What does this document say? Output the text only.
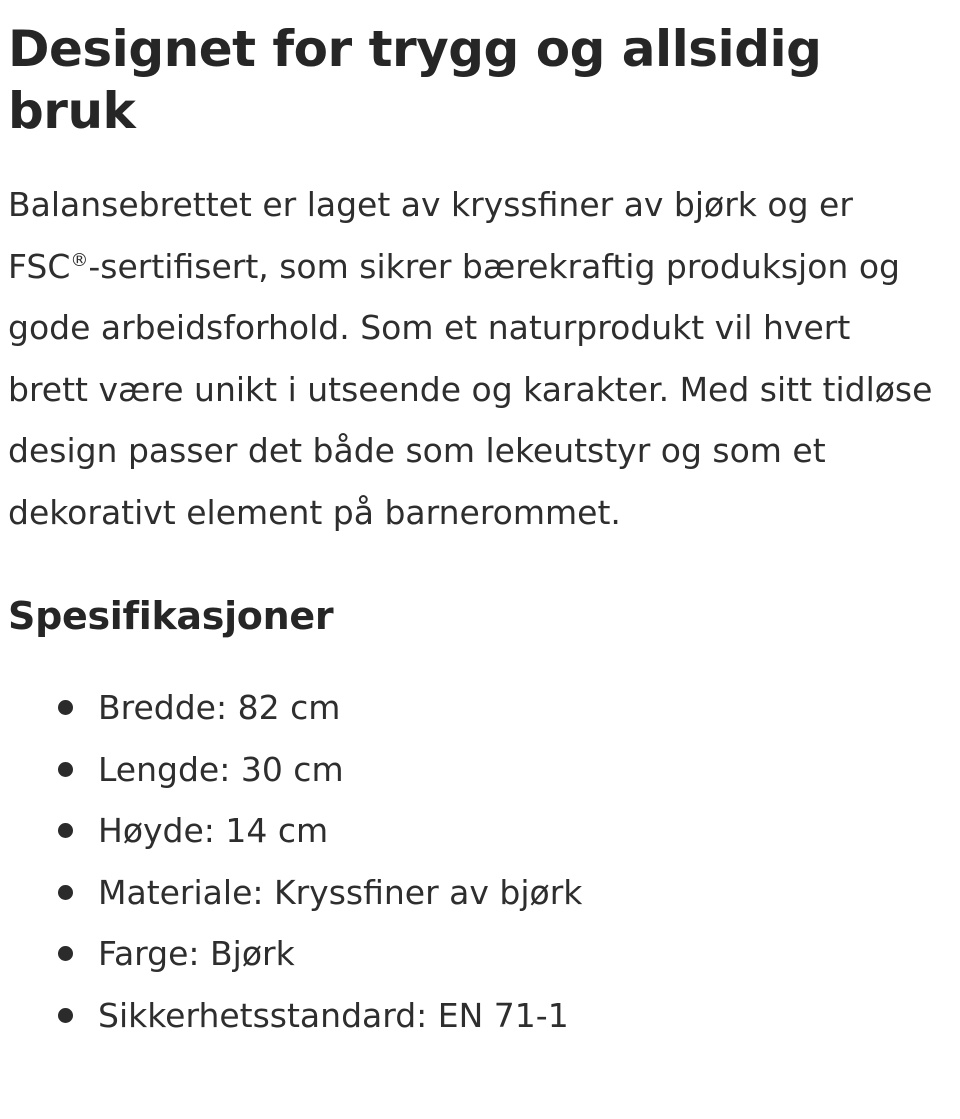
Designet for trygg og allsidig bruk

Balansebrettet er laget av kryssfiner av bjørk og er FSC®-sertifisert, som sikrer bærekraftig produksjon og gode arbeidsforhold. Som et naturprodukt vil hvert brett være unikt i utseende og karakter. Med sitt tidløse design passer det både som lekeutstyr og som et dekorativt element på barnerommet.

Spesifikasjoner
Bredde: 82 cm
Lengde: 30 cm
Høyde: 14 cm
Materiale: Kryssfiner av bjørk
Farge: Bjørk
Sikkerhetsstandard: EN 71-1
